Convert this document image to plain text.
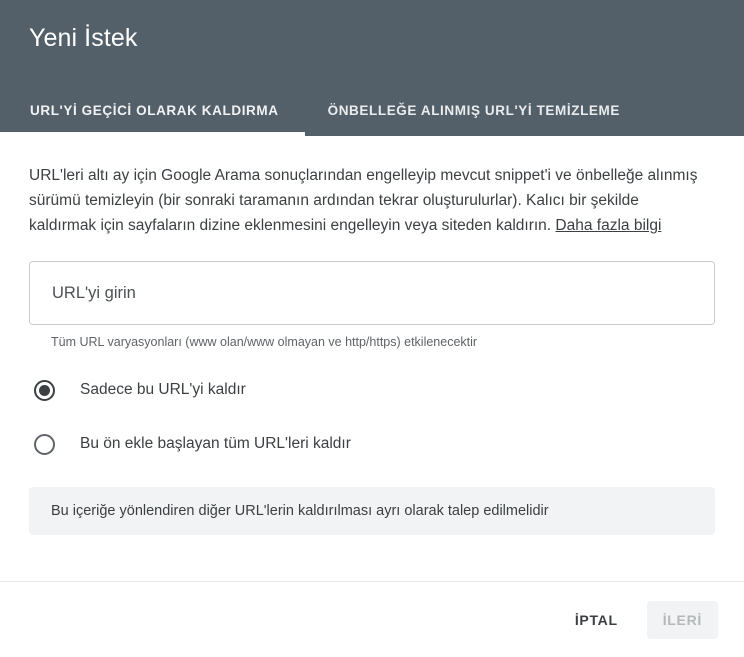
Yeni İstek
URL'Yİ GEÇİCİ OLARAK KALDIRMA	ÖNBELLEĞE ALINMIŞ URL'Yİ TEMİZLEME
URL'leri altı ay için Google Arama sonuçlarından engelleyip mevcut snippet'i ve önbelleğe alınmış sürümü temizleyin (bir sonraki taramanın ardından tekrar oluşturulurlar). Kalıcı bir şekilde kaldırmak için sayfaların dizine eklenmesini engelleyin veya siteden kaldırın. Daha fazla bilgi
URL'yi girin
Tüm URL varyasyonları (www olan/www olmayan ve http/https) etkilenecektir
Sadece bu URL'yi kaldır
Bu ön ekle başlayan tüm URL'leri kaldır
Bu içeriğe yönlendiren diğer URL'lerin kaldırılması ayrı olarak talep edilmelidir
İPTAL	İLERİ
